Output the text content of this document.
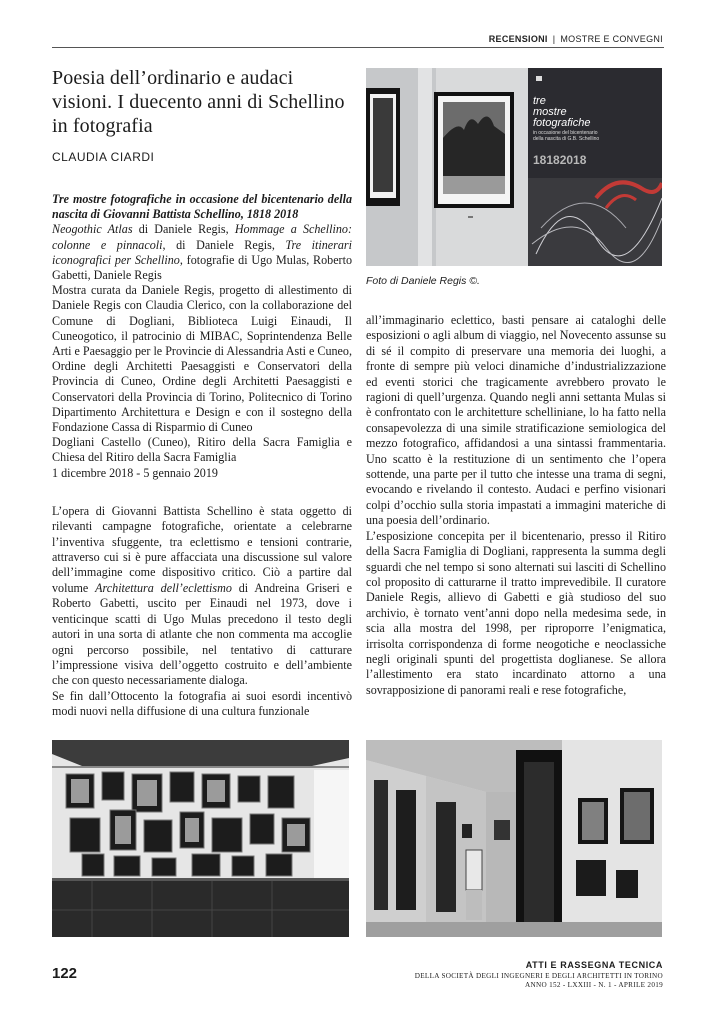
RECENSIONI | MOSTRE E CONVEGNI
Poesia dell’ordinario e audaci visioni. I duecento anni di Schellino in fotografia
CLAUDIA CIARDI

Tre mostre fotografiche in occasione del bicentenario della nascita di Giovanni Battista Schellino, 1818 2018

Neogothic Atlas di Daniele Regis, Hommage a Schellino: colonne e pinnacoli, di Daniele Regis, Tre itinerari iconografici per Schellino, fotografie di Ugo Mulas, Roberto Gabetti, Daniele Regis

Mostra curata da Daniele Regis, progetto di allestimento di Daniele Regis con Claudia Clerico, con la collaborazione del Comune di Dogliani, Biblioteca Luigi Einaudi, Il Cuneogotico, il patrocinio di MIBAC, Soprintendenza Belle Arti e Paesaggio per le Provincie di Alessandria Asti e Cuneo, Ordine degli Architetti Paesaggisti e Conservatori della Provincia di Cuneo, Ordine degli Architetti Paesaggisti e Conservatori della Provincia di Torino, Politecnico di Torino Dipartimento Architettura e Design e con il sostegno della Fondazione Cassa di Risparmio di Cuneo

Dogliani Castello (Cuneo), Ritiro della Sacra Famiglia e Chiesa del Ritiro della Sacra Famiglia

1 dicembre 2018 - 5 gennaio 2019

L’opera di Giovanni Battista Schellino è stata oggetto di rilevanti campagne fotografiche, orientate a celebrarne l’inventiva sfuggente, tra eclettismo e tensioni contrarie, attraverso cui si è pure affacciata una discussione sul valore dell’immagine come dispositivo critico. Ciò a partire dal volume Architettura dell’eclettismo di Andreina Griseri e Roberto Gabetti, uscito per Einaudi nel 1973, dove i venticinque scatti di Ugo Mulas precedono il testo degli autori in una sorta di atlante che non commenta ma accoglie ogni percorso possibile, nel tentativo di catturare l’impressione visiva dell’oggetto costruito e dell’ambiente che con questo necessariamente dialoga.

Se fin dall’Ottocento la fotografia ai suoi esordi incentivò modi nuovi nella diffusione di una cultura funzionale

tre
mostre
fotografiche
in occasione del bicentenario della nascita di G.B. Schellino
18182018
Foto di Daniele Regis ©.

all’immaginario eclettico, basti pensare ai cataloghi delle esposizioni o agli album di viaggio, nel Novecento assunse su di sé il compito di preservare una memoria dei luoghi, a fronte di sempre più veloci dinamiche d’industrializzazione ed eventi storici che tragicamente avrebbero provato le ragioni di quell’urgenza. Quando negli anni settanta Mulas si è confrontato con le architetture schelliniane, lo ha fatto nella consapevolezza di una simile stratificazione semiologica del mezzo fotografico, affidandosi a una sintassi frammentaria. Uno scatto è la restituzione di un sentimento che l’opera sottende, una parte per il tutto che intesse una trama di segni, evocando e rivelando il contesto. Audaci e perfino visionari colpi d’occhio sulla storia impastati a immagini materiche di una poesia dell’ordinario.

L’esposizione concepita per il bicentenario, presso il Ritiro della Sacra Famiglia di Dogliani, rappresenta la summa degli sguardi che nel tempo si sono alternati sui lasciti di Schellino col proposito di catturarne il tratto imprevedibile. Il curatore Daniele Regis, allievo di Gabetti e già studioso del suo archivio, è tornato vent’anni dopo nella medesima sede, in scia alla mostra del 1998, per riproporre l’enigmatica, irrisolta corrispondenza di forme neogotiche e neoclassiche negli originali spunti del progettista doglianese. Se allora l’allestimento era stato incardinato attorno a una sovrapposizione di panorami reali e rese fotografiche,

122	ATTI E RASSEGNA TECNICA
DELLA SOCIETÀ DEGLI INGEGNERI E DEGLI ARCHITETTI IN TORINO
ANNO 152 - LXXIII - N. 1 - APRILE 2019
